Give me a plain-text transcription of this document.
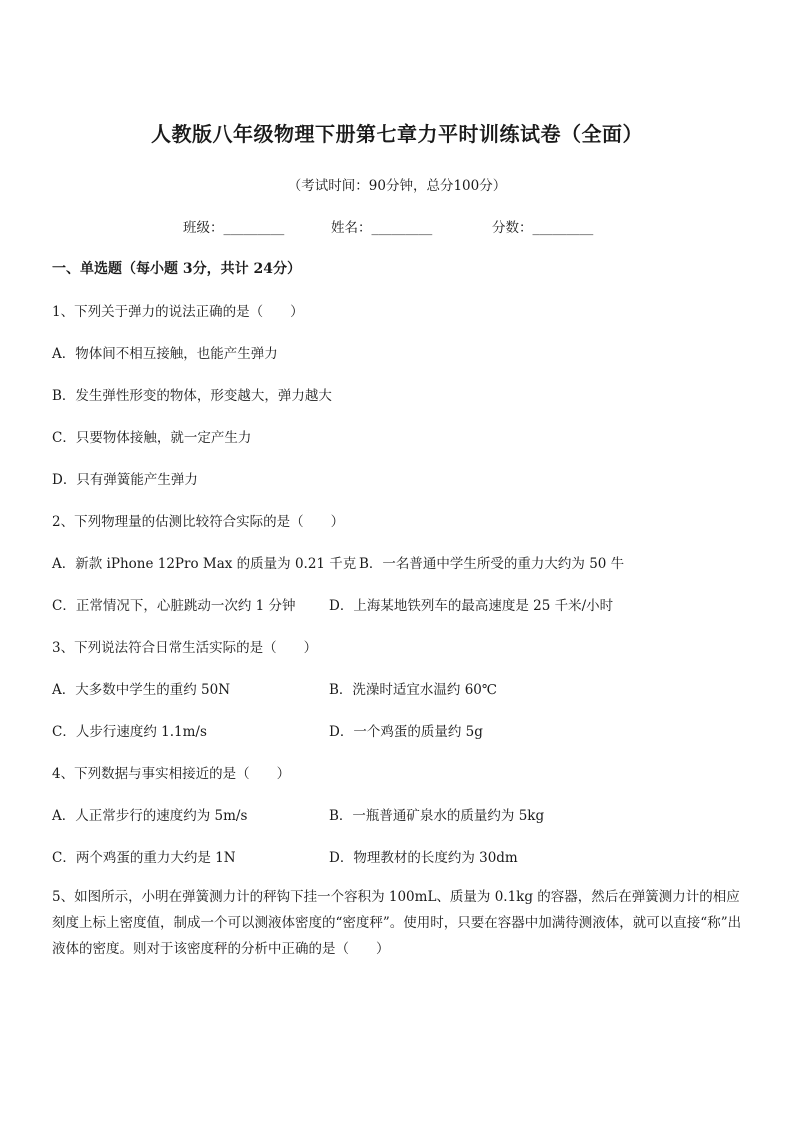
人教版八年级物理下册第七章力平时训练试卷（全面）
（考试时间：90分钟，总分100分）
班级：_________	姓名：_________	分数：_________
一、单选题（每小题 3分，共计 24分）
1、下列关于弹力的说法正确的是（　　）
A．物体间不相互接触，也能产生弹力
B．发生弹性形变的物体，形变越大，弹力越大
C．只要物体接触，就一定产生力
D．只有弹簧能产生弹力
2、下列物理量的估测比较符合实际的是（　　）
A．新款 iPhone 12Pro Max 的质量为 0.21 千克 B．一名普通中学生所受的重力大约为 50 牛
C．正常情况下，心脏跳动一次约 1 分钟 D．上海某地铁列车的最高速度是 25 千米/小时
3、下列说法符合日常生活实际的是（　　）
A．大多数中学生的重约 50N	B．洗澡时适宜水温约 60℃
C．人步行速度约 1.1m/s	D．一个鸡蛋的质量约 5g
4、下列数据与事实相接近的是（　　）
A．人正常步行的速度约为 5m/s	B．一瓶普通矿泉水的质量约为 5kg
C．两个鸡蛋的重力大约是 1N	D．物理教材的长度约为 30dm
5、如图所示，小明在弹簧测力计的秤钩下挂一个容积为 100mL、质量为 0.1kg 的容器，然后在弹簧测力计的相应刻度上标上密度值，制成一个可以测液体密度的“密度秤”。使用时，只要在容器中加满待测液体，就可以直接“称”出液体的密度。则对于该密度秤的分析中正确的是（　　）
